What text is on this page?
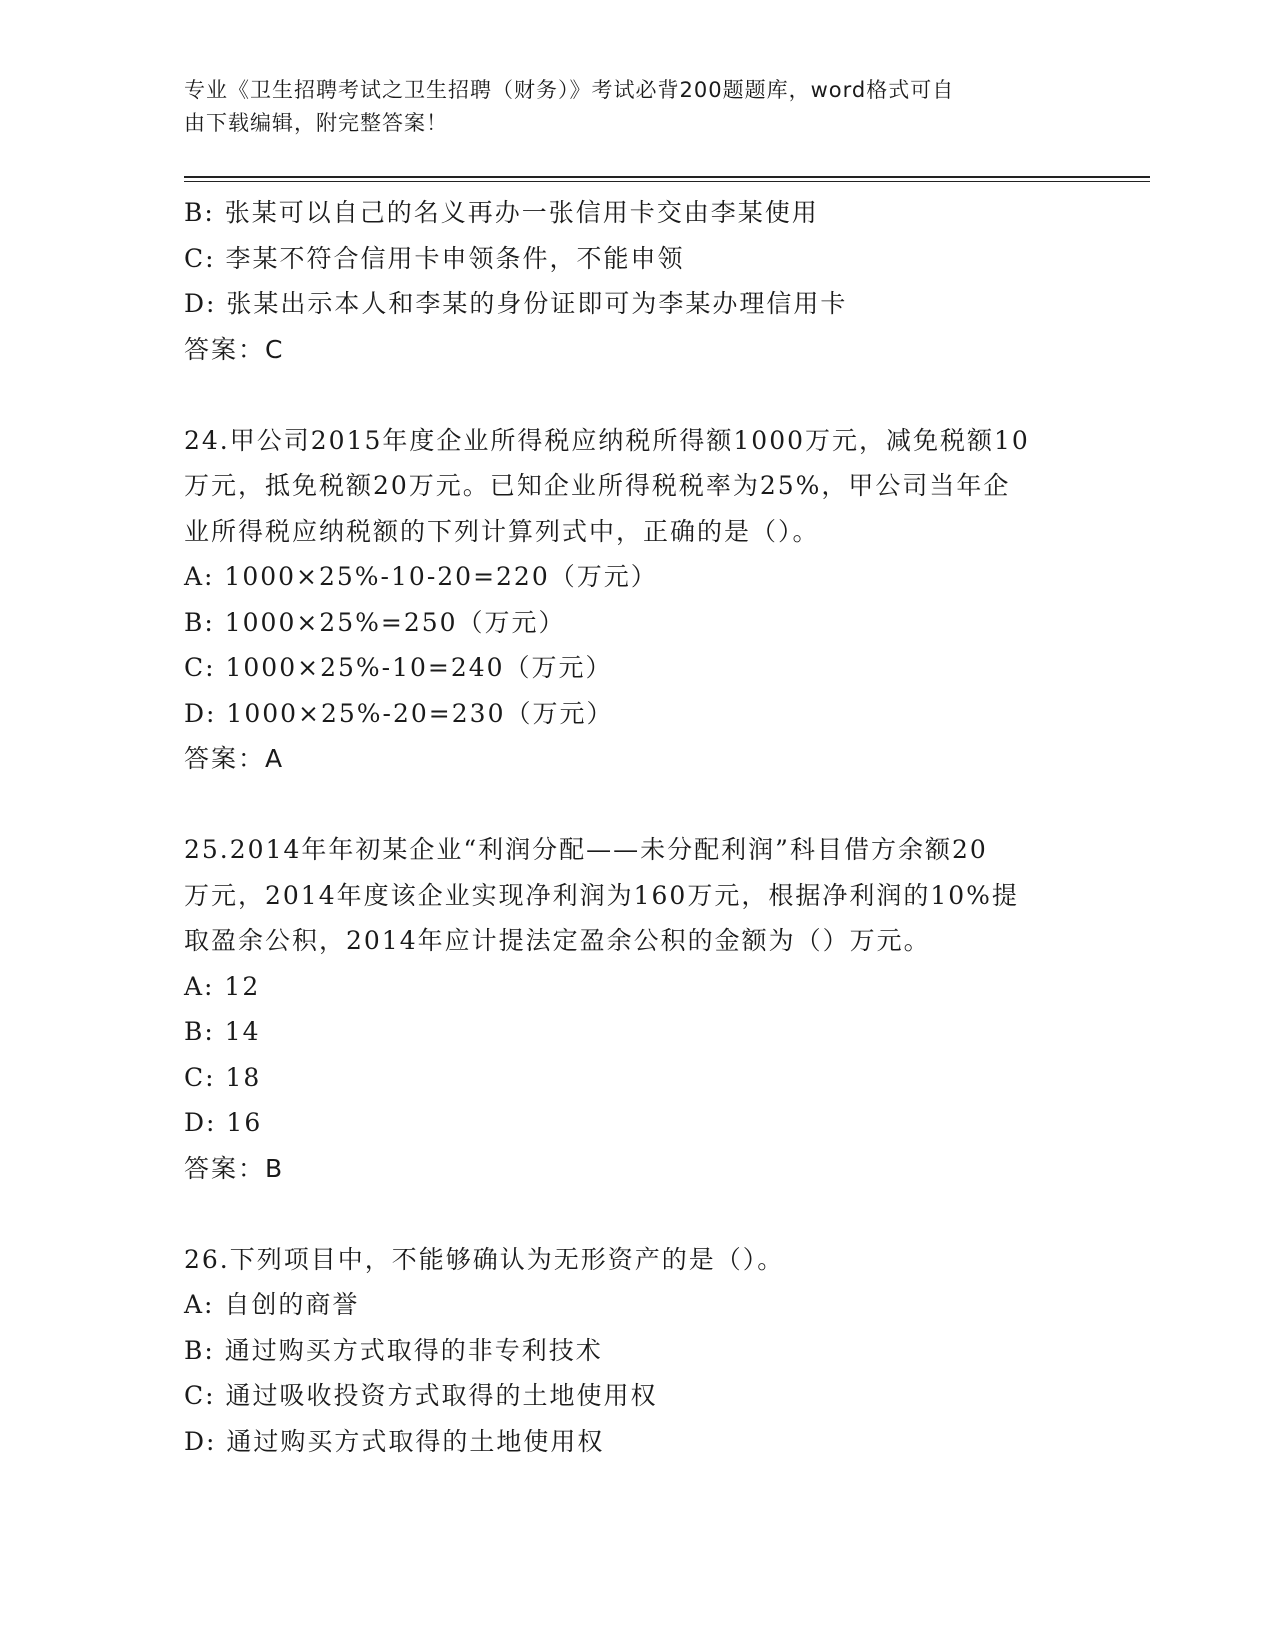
专业《卫生招聘考试之卫生招聘（财务）》考试必背200题题库，word格式可自
由下载编辑，附完整答案！
B: 张某可以自己的名义再办一张信用卡交由李某使用
C: 李某不符合信用卡申领条件，不能申领
D: 张某出示本人和李某的身份证即可为李某办理信用卡
答案：C
24.甲公司2015年度企业所得税应纳税所得额1000万元，减免税额10
万元，抵免税额20万元。已知企业所得税税率为25%，甲公司当年企
业所得税应纳税额的下列计算列式中，正确的是（）。
A: 1000×25%-10-20=220（万元）
B: 1000×25%=250（万元）
C: 1000×25%-10=240（万元）
D: 1000×25%-20=230（万元）
答案：A
25.2014年年初某企业“利润分配——未分配利润”科目借方余额20
万元，2014年度该企业实现净利润为160万元，根据净利润的10%提
取盈余公积，2014年应计提法定盈余公积的金额为（）万元。
A: 12
B: 14
C: 18
D: 16
答案：B
26.下列项目中，不能够确认为无形资产的是（）。
A: 自创的商誉
B: 通过购买方式取得的非专利技术
C: 通过吸收投资方式取得的土地使用权
D: 通过购买方式取得的土地使用权
